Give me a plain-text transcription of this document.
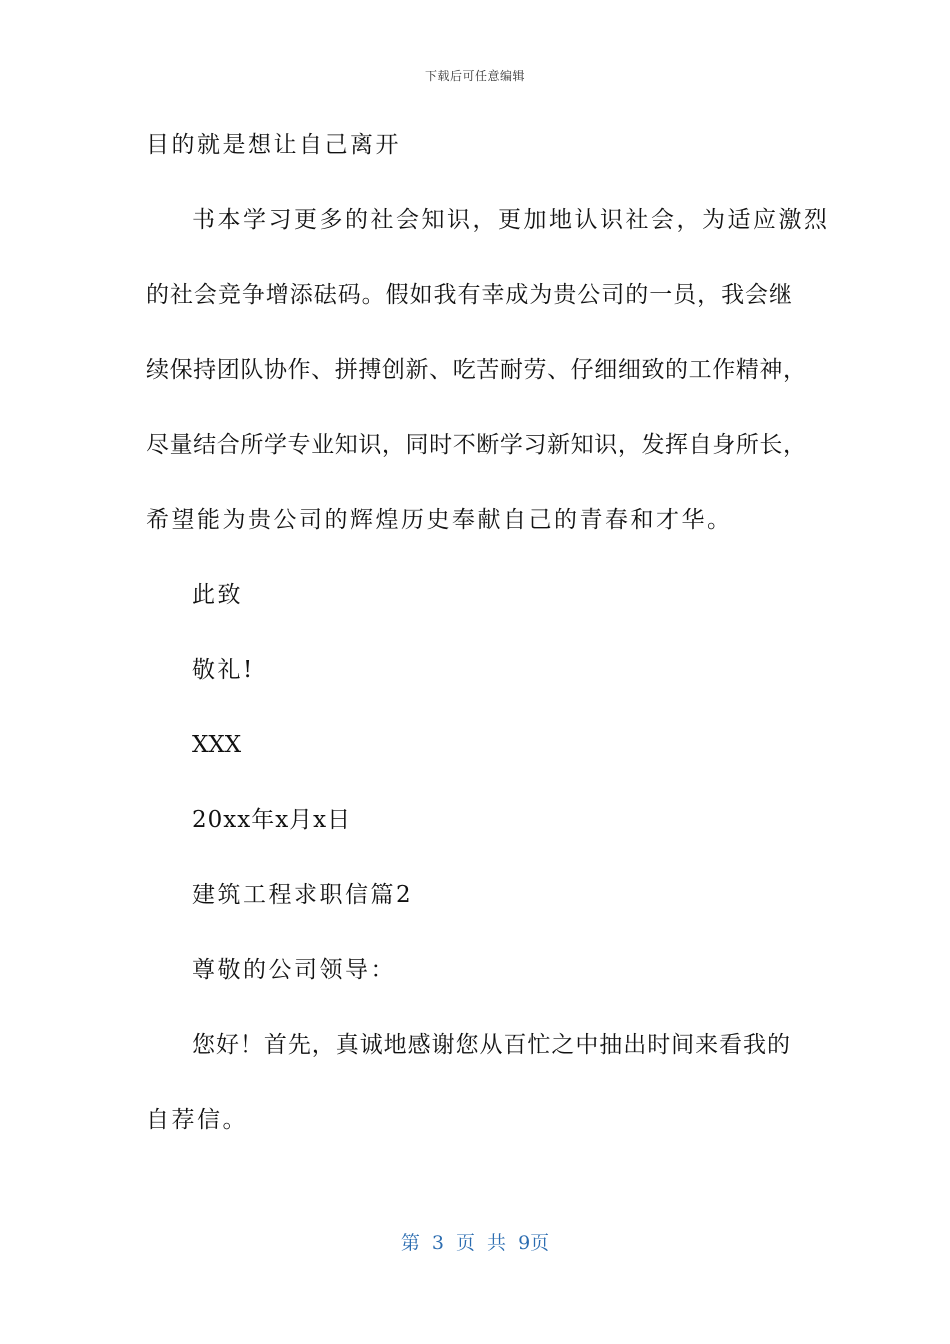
下载后可任意编辑
目的就是想让自己离开
书本学习更多的社会知识，更加地认识社会，为适应激烈
的社会竞争增添砝码。假如我有幸成为贵公司的一员，我会继
续保持团队协作、拼搏创新、吃苦耐劳、仔细细致的工作精神，
尽量结合所学专业知识，同时不断学习新知识，发挥自身所长，
希望能为贵公司的辉煌历史奉献自己的青春和才华。
此致
敬礼!
XXX
20xx年x月x日
建筑工程求职信篇2
尊敬的公司领导：
您好！首先，真诚地感谢您从百忙之中抽出时间来看我的
自荐信。
第 3 页 共 9页
